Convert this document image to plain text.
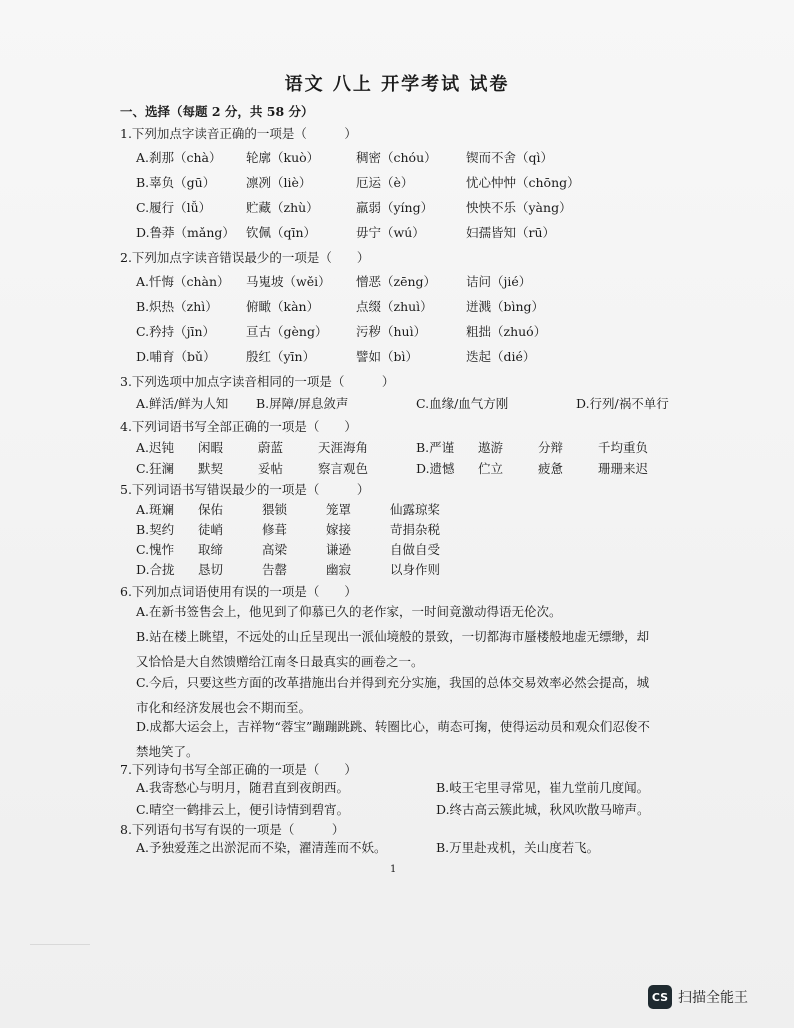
语文 八上 开学考试 试卷
一、选择（每题 2 分，共 58 分）
1.下列加点字读音正确的一项是（　　　）
A.刹那（chà）	轮廓（kuò）	稠密（chóu）	锲而不舍（qì）
B.辜负（gū）	凛冽（liè）	厄运（è）	忧心忡忡（chōng）
C.履行（lǚ）	贮藏（zhù）	羸弱（yíng）	怏怏不乐（yàng）
D.鲁莽（mǎng） 钦佩（qīn）	毋宁（wú）	妇孺皆知（rū）
2.下列加点字读音错误最少的一项是（　　）
A.忏悔（chàn）	马嵬坡（wěi）	憎恶（zēng）	诘问（jié）
B.炽热（zhì）	俯瞰（kàn）	点缀（zhuì）	迸溅（bìng）
C.矜持（jīn）	亘古（gèng）	污秽（huì）	粗拙（zhuó）
D.哺育（bǔ）	殷红（yīn）	譬如（bì）	迭起（dié）
3.下列选项中加点字读音相同的一项是（　　　）
A.鲜活/鲜为人知	B.屏障/屏息敛声	C.血缘/血气方刚	D.行列/祸不单行
4.下列词语书写全部正确的一项是（　　）
A.迟钝	闲暇	蔚蓝	天涯海角	B.严谨	遨游	分辩	千均重负
C.狂澜	默契	妥帖	察言观色	D.遗憾	伫立	疲惫	珊珊来迟
5.下列词语书写错误最少的一项是（　　　）
A.斑斓	保佑	猥锁	笼罩	仙露琼桨
B.契约	徒峭	修葺	嫁接	苛捐杂税
C.愧怍	取缔	高梁	谦逊	自做自受
D.合拢	恳切	告罄	幽寂	以身作则
6.下列加点词语使用有误的一项是（　　）
A.在新书签售会上，他见到了仰慕已久的老作家，一时间竟激动得语无伦次。
B.站在楼上眺望，不远处的山丘呈现出一派仙境般的景致，一切都海市蜃楼般地虚无缥缈，却又恰恰是大自然馈赠给江南冬日最真实的画卷之一。
C.今后，只要这些方面的改革措施出台并得到充分实施，我国的总体交易效率必然会提高，城市化和经济发展也会不期而至。
D.成都大运会上，吉祥物“蓉宝”蹦蹦跳跳、转圈比心，萌态可掬，使得运动员和观众们忍俊不禁地笑了。
7.下列诗句书写全部正确的一项是（　　）
A.我寄愁心与明月，随君直到夜朗西。	B.岐王宅里寻常见，崔九堂前几度闻。
C.晴空一鹤排云上，便引诗情到碧宵。	D.终古高云簇此城，秋风吹散马啼声。
8.下列语句书写有误的一项是（　　　）
A.予独爱莲之出淤泥而不染，濯清莲而不妖。	B.万里赴戎机，关山度若飞。
1
CS 扫描全能王
